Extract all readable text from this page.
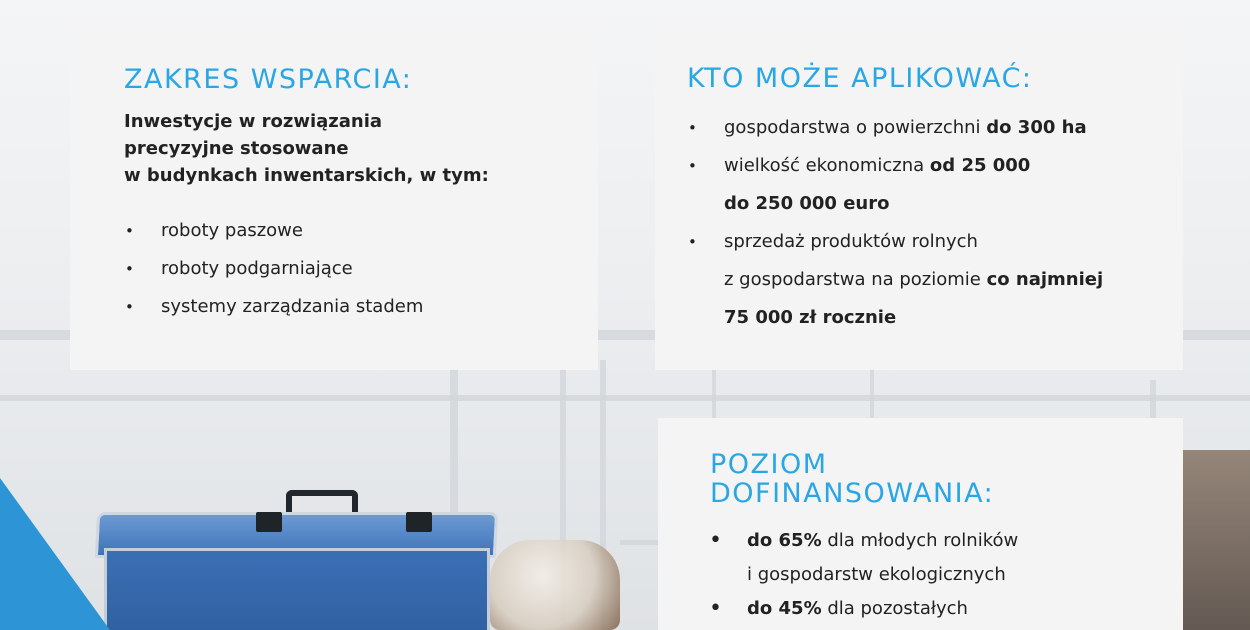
ZAKRES WSPARCIA:

Inwestycje w rozwiązania
precyzyjne stosowane
w budynkach inwentarskich, w tym:

• roboty paszowe
• roboty podgarniające
• systemy zarządzania stadem
KTO MOŻE APLIKOWAĆ:
• gospodarstwa o powierzchni do 300 ha
• wielkość ekonomiczna od 25 000
do 250 000 euro
• sprzedaż produktów rolnych
z gospodarstwa na poziomie co najmniej
75 000 zł rocznie
POZIOM
DOFINANSOWANIA:
• do 65% dla młodych rolników
i gospodarstw ekologicznych
• do 45% dla pozostałych
